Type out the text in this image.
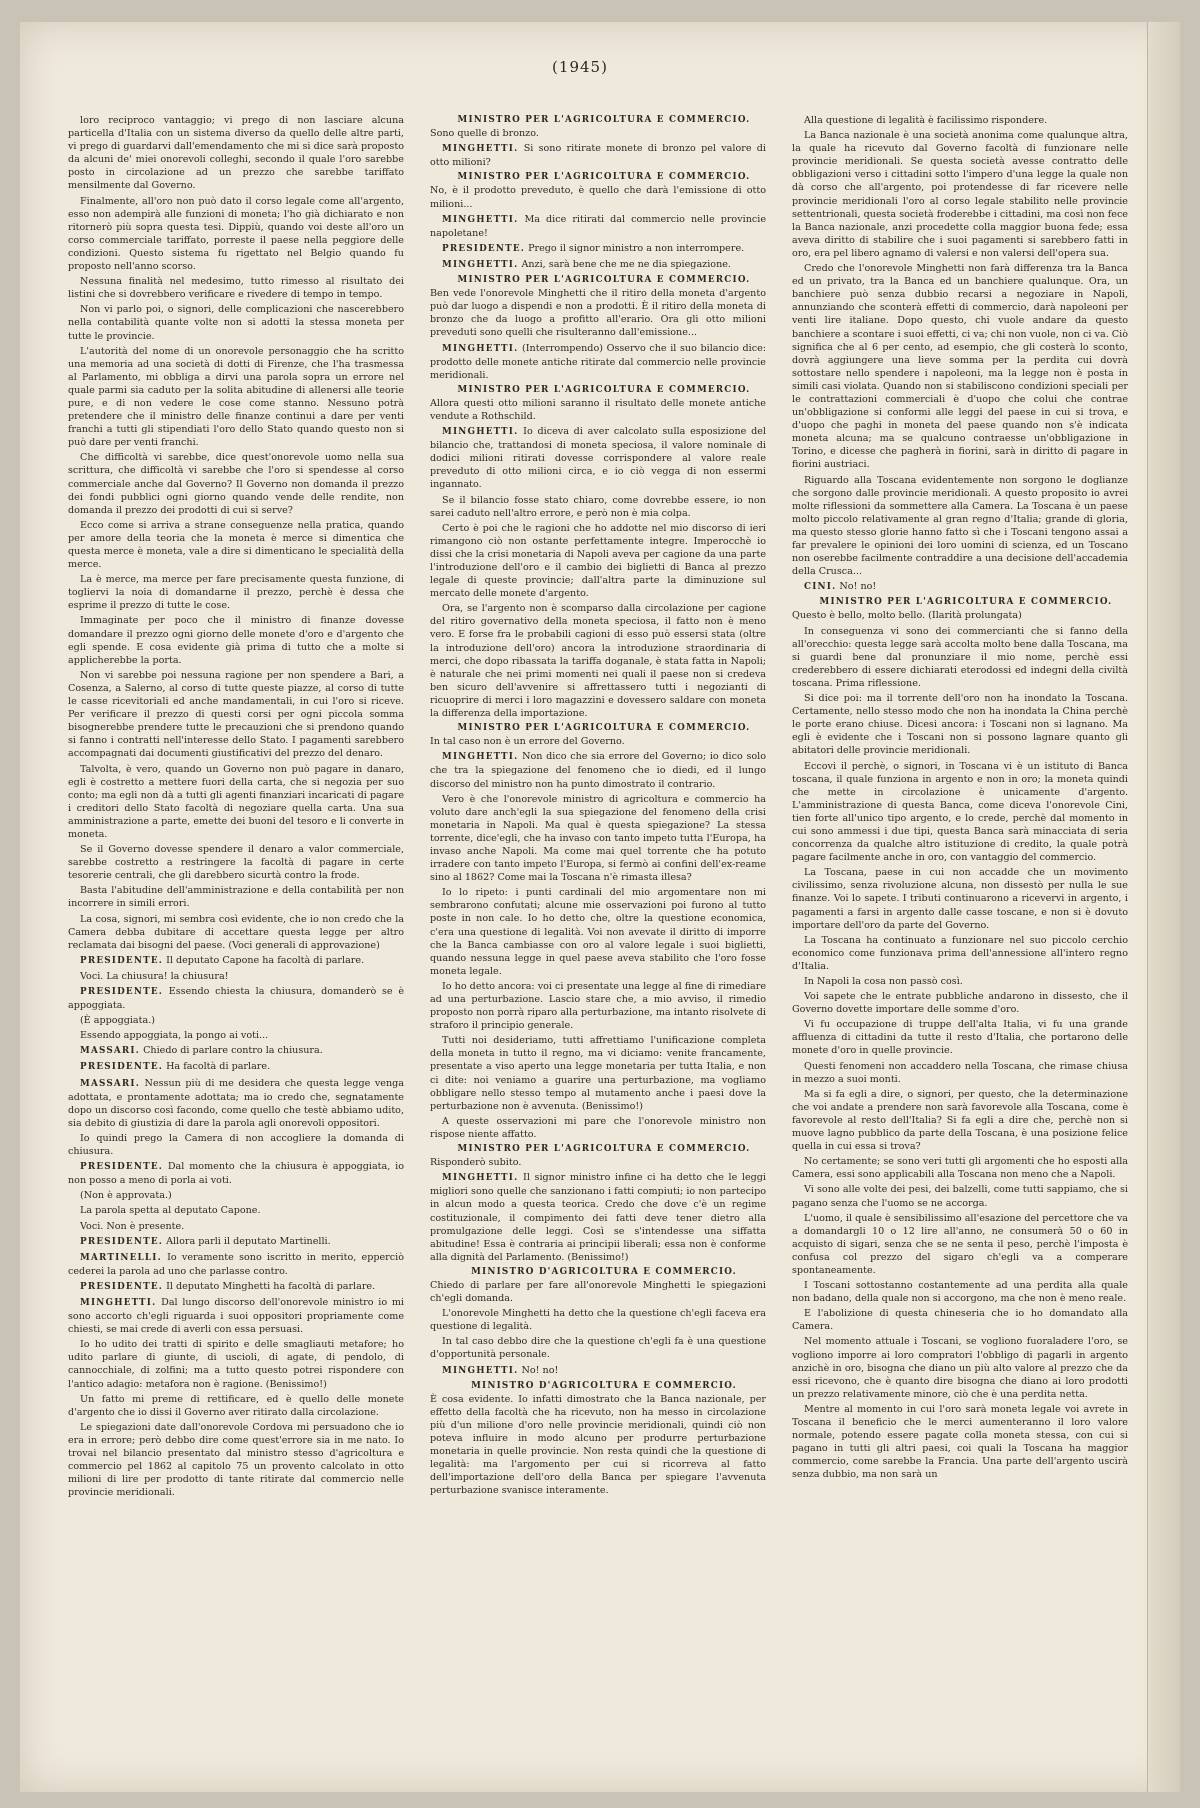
(1945)

loro reciproco vantaggio; vi prego di non lasciare alcuna particella d'Italia con un sistema diverso da quello delle altre parti, vi prego di guardarvi dall'emendamento che mi si dice sarà proposto da alcuni de' miei onorevoli colleghi, secondo il quale l'oro sarebbe posto in circolazione ad un prezzo che sarebbe tariffato mensilmente dal Governo.

Finalmente, all'oro non può dato il corso legale come all'argento, esso non adempirà alle funzioni di moneta; l'ho già dichiarato e non ritornerò più sopra questa tesi. Dippiù, quando voi deste all'oro un corso commerciale tariffato, porreste il paese nella peggiore delle condizioni. Questo sistema fu rigettato nel Belgio quando fu proposto nell'anno scorso.

Nessuna finalità nel medesimo, tutto rimesso al risultato dei listini che si dovrebbero verificare e rivedere di tempo in tempo.

Non vi parlo poi, o signori, delle complicazioni che nascerebbero nella contabilità quante volte non si adotti la stessa moneta per tutte le provincie.

L'autorità del nome di un onorevole personaggio che ha scritto una memoria ad una società di dotti di Firenze, che l'ha trasmessa al Parlamento, mi obbliga a dirvi una parola sopra un errore nel quale parmi sia caduto per la solita abitudine di allenersi alle teorie pure, e di non vedere le cose come stanno. Nessuno potrà pretendere che il ministro delle finanze continui a dare per venti franchi a tutti gli stipendiati l'oro dello Stato quando questo non si può dare per venti franchi.

Che difficoltà vi sarebbe, dice quest'onorevole uomo nella sua scrittura, che difficoltà vi sarebbe che l'oro si spendesse al corso commerciale anche dal Governo? Il Governo non domanda il prezzo dei fondi pubblici ogni giorno quando vende delle rendite, non domanda il prezzo dei prodotti di cui si serve?

Ecco come si arriva a strane conseguenze nella pratica, quando per amore della teoria che la moneta è merce si dimentica che questa merce è moneta, vale a dire si dimenticano le specialità della merce.

La è merce, ma merce per fare precisamente questa funzione, di togliervi la noia di domandarne il prezzo, perchè è dessa che esprime il prezzo di tutte le cose.

Immaginate per poco che il ministro di finanze dovesse domandare il prezzo ogni giorno delle monete d'oro e d'argento che egli spende. E cosa evidente già prima di tutto che a molte si applicherebbe la porta.

Non vi sarebbe poi nessuna ragione per non spendere a Bari, a Cosenza, a Salerno, al corso di tutte queste piazze, al corso di tutte le casse ricevitoriali ed anche mandamentali, in cui l'oro si riceve. Per verificare il prezzo di questi corsi per ogni piccola somma bisognerebbe prendere tutte le precauzioni che si prendono quando si fanno i contratti nell'interesse dello Stato. I pagamenti sarebbero accompagnati dai documenti giustificativi del prezzo del denaro.

Talvolta, è vero, quando un Governo non può pagare in danaro, egli è costretto a mettere fuori della carta, che si negozia per suo conto; ma egli non dà a tutti gli agenti finanziari incaricati di pagare i creditori dello Stato facoltà di negoziare quella carta. Una sua amministrazione a parte, emette dei buoni del tesoro e li converte in moneta.

Se il Governo dovesse spendere il denaro a valor commerciale, sarebbe costretto a restringere la facoltà di pagare in certe tesorerie centrali, che gli darebbero sicurtà contro la frode.

Basta l'abitudine dell'amministrazione e della contabilità per non incorrere in simili errori.

La cosa, signori, mi sembra così evidente, che io non credo che la Camera debba dubitare di accettare questa legge per altro reclamata dai bisogni del paese. (Voci generali di approvazione)

PRESIDENTE. Il deputato Capone ha facoltà di parlare.

Voci. La chiusura! la chiusura!

PRESIDENTE. Essendo chiesta la chiusura, domanderò se è appoggiata.

(È appoggiata.)

Essendo appoggiata, la pongo ai voti...

MASSARI. Chiedo di parlare contro la chiusura.

PRESIDENTE. Ha facoltà di parlare.

MASSARI. Nessun più di me desidera che questa legge venga adottata, e prontamente adottata; ma io credo che, segnatamente dopo un discorso così facondo, come quello che testè abbiamo udito, sia debito di giustizia di dare la parola agli onorevoli oppositori.

Io quindi prego la Camera di non accogliere la domanda di chiusura.

PRESIDENTE. Dal momento che la chiusura è appoggiata, io non posso a meno di porla ai voti.

(Non è approvata.)

La parola spetta al deputato Capone.

Voci. Non è presente.

PRESIDENTE. Allora parli il deputato Martinelli.

MARTINELLI. Io veramente sono iscritto in merito, epperciò cederei la parola ad uno che parlasse contro.

PRESIDENTE. Il deputato Minghetti ha facoltà di parlare.

MINGHETTI. Dal lungo discorso dell'onorevole ministro io mi sono accorto ch'egli riguarda i suoi oppositori propriamente come chiesti, se mai crede di averli con essa persuasi.

Io ho udito dei tratti di spirito e delle smagliauti metafore; ho udito parlare di giunte, di uscioli, di agate, di pendolo, di cannocchiale, di zolfini; ma a tutto questo potrei rispondere con l'antico adagio: metafora non è ragione. (Benissimo!)

Un fatto mi preme di rettificare, ed è quello delle monete d'argento che io dissi il Governo aver ritirato dalla circolazione.

Le spiegazioni date dall'onorevole Cordova mi persuadono che io era in errore; però debbo dire come quest'errore sia in me nato. Io trovai nel bilancio presentato dal ministro stesso d'agricoltura e commercio pel 1862 al capitolo 75 un provento calcolato in otto milioni di lire per prodotto di tante ritirate dal commercio nelle provincie meridionali.

MINISTRO PER L'AGRICOLTURA E COMMERCIO.
Sono quelle di bronzo.

MINGHETTI. Si sono ritirate monete di bronzo pel valore di otto milioni?

MINISTRO PER L'AGRICOLTURA E COMMERCIO.
No, è il prodotto preveduto, è quello che darà l'emissione di otto milioni...

MINGHETTI. Ma dice ritirati dal commercio nelle provincie napoletane!

PRESIDENTE. Prego il signor ministro a non interrompere.

MINGHETTI. Anzi, sarà bene che me ne dia spiegazione.

MINISTRO PER L'AGRICOLTURA E COMMERCIO.
Ben vede l'onorevole Minghetti che il ritiro della moneta d'argento può dar luogo a dispendi e non a prodotti. È il ritiro della moneta di bronzo che da luogo a profitto all'erario. Ora gli otto milioni preveduti sono quelli che risulteranno dall'emissione...

MINGHETTI. (Interrompendo) Osservo che il suo bilancio dice: prodotto delle monete antiche ritirate dal commercio nelle provincie meridionali.

MINISTRO PER L'AGRICOLTURA E COMMERCIO.
Allora questi otto milioni saranno il risultato delle monete antiche vendute a Rothschild.

MINGHETTI. Io diceva di aver calcolato sulla esposizione del bilancio che, trattandosi di moneta speciosa, il valore nominale di dodici milioni ritirati dovesse corrispondere al valore reale preveduto di otto milioni circa, e io ciò vegga di non essermi ingannato.

Se il bilancio fosse stato chiaro, come dovrebbe essere, io non sarei caduto nell'altro errore, e però non è mia colpa.

Certo è poi che le ragioni che ho addotte nel mio discorso di ieri rimangono ciò non ostante perfettamente integre. Imperocchè io dissi che la crisi monetaria di Napoli aveva per cagione da una parte l'introduzione dell'oro e il cambio dei biglietti di Banca al prezzo legale di queste provincie; dall'altra parte la diminuzione sul mercato delle monete d'argento.

Ora, se l'argento non è scomparso dalla circolazione per cagione del ritiro governativo della moneta speciosa, il fatto non è meno vero. E forse fra le probabili cagioni di esso può essersi stata (oltre la introduzione dell'oro) ancora la introduzione straordinaria di merci, che dopo ribassata la tariffa doganale, è stata fatta in Napoli; è naturale che nei primi momenti nei quali il paese non si credeva ben sicuro dell'avvenire si affrettassero tutti i negozianti di ricuoprire di merci i loro magazzini e dovessero saldare con moneta la differenza della importazione.

MINISTRO PER L'AGRICOLTURA E COMMERCIO.
In tal caso non è un errore del Governo.

MINGHETTI. Non dico che sia errore del Governo; io dico solo che tra la spiegazione del fenomeno che io diedi, ed il lungo discorso del ministro non ha punto dimostrato il contrario.

Vero è che l'onorevole ministro di agricoltura e commercio ha voluto dare anch'egli la sua spiegazione del fenomeno della crisi monetaria in Napoli. Ma qual è questa spiegazione? La stessa torrente, dice'egli, che ha invaso con tanto impeto tutta l'Europa, ha invaso anche Napoli. Ma come mai quel torrente che ha potuto irradere con tanto impeto l'Europa, si fermò ai confini dell'ex-reame sino al 1862? Come mai la Toscana n'è rimasta illesa?

Io lo ripeto: i punti cardinali del mio argomentare non mi sembrarono confutati; alcune mie osservazioni poi furono al tutto poste in non cale. Io ho detto che, oltre la questione economica, c'era una questione di legalità. Voi non avevate il diritto di imporre che la Banca cambiasse con oro al valore legale i suoi biglietti, quando nessuna legge in quel paese aveva stabilito che l'oro fosse moneta legale.

Io ho detto ancora: voi ci presentate una legge al fine di rimediare ad una perturbazione. Lascio stare che, a mio avviso, il rimedio proposto non porrà riparo alla perturbazione, ma intanto risolvete di straforo il principio generale.

Tutti noi desideriamo, tutti affrettiamo l'unificazione completa della moneta in tutto il regno, ma vi diciamo: venite francamente, presentate a viso aperto una legge monetaria per tutta Italia, e non ci dite: noi veniamo a guarire una perturbazione, ma vogliamo obbligare nello stesso tempo al mutamento anche i paesi dove la perturbazione non è avvenuta. (Benissimo!)

A queste osservazioni mi pare che l'onorevole ministro non rispose niente affatto.

MINISTRO PER L'AGRICOLTURA E COMMERCIO.
Risponderò subito.

MINGHETTI. Il signor ministro infine ci ha detto che le leggi migliori sono quelle che sanzionano i fatti compiuti; io non partecipo in alcun modo a questa teorica. Credo che dove c'è un regime costituzionale, il compimento dei fatti deve tener dietro alla promulgazione delle leggi. Così se s'intendesse una siffatta abitudine! Essa è contraria ai principii liberali; essa non è conforme alla dignità del Parlamento. (Benissimo!)

MINISTRO D'AGRICOLTURA E COMMERCIO.
Chiedo di parlare per fare all'onorevole Minghetti le spiegazioni ch'egli domanda.

L'onorevole Minghetti ha detto che la questione ch'egli faceva era questione di legalità.

In tal caso debbo dire che la questione ch'egli fa è una questione d'opportunità personale.

MINGHETTI. No! no!

MINISTRO D'AGRICOLTURA E COMMERCIO.
È cosa evidente. Io infatti dimostrato che la Banca nazionale, per effetto della facoltà che ha ricevuto, non ha messo in circolazione più d'un milione d'oro nelle provincie meridionali, quindi ciò non poteva influire in modo alcuno per produrre perturbazione monetaria in quelle provincie. Non resta quindi che la questione di legalità: ma l'argomento per cui si ricorreva al fatto dell'importazione dell'oro della Banca per spiegare l'avvenuta perturbazione svanisce interamente.

Alla questione di legalità è facilissimo rispondere.

La Banca nazionale è una società anonima come qualunque altra, la quale ha ricevuto dal Governo facoltà di funzionare nelle provincie meridionali. Se questa società avesse contratto delle obbligazioni verso i cittadini sotto l'impero d'una legge la quale non dà corso che all'argento, poi protendesse di far ricevere nelle provincie meridionali l'oro al corso legale stabilito nelle provincie settentrionali, questa società froderebbe i cittadini, ma così non fece la Banca nazionale, anzi procedette colla maggior buona fede; essa aveva diritto di stabilire che i suoi pagamenti si sarebbero fatti in oro, era pel libero agnamo di valersi e non valersi dell'opera sua.

Credo che l'onorevole Minghetti non farà differenza tra la Banca ed un privato, tra la Banca ed un banchiere qualunque. Ora, un banchiere può senza dubbio recarsi a negoziare in Napoli, annunziando che sconterà effetti di commercio, darà napoleoni per venti lire italiane. Dopo questo, chi vuole andare da questo banchiere a scontare i suoi effetti, ci va; chi non vuole, non ci va. Ciò significa che al 6 per cento, ad esempio, che gli costerà lo sconto, dovrà aggiungere una lieve somma per la perdita cui dovrà sottostare nello spendere i napoleoni, ma la legge non è posta in simili casi violata. Quando non si stabiliscono condizioni speciali per le contrattazioni commerciali è d'uopo che colui che contrae un'obbligazione si conformi alle leggi del paese in cui si trova, e d'uopo che paghi in moneta del paese quando non s'è indicata moneta alcuna; ma se qualcuno contraesse un'obbligazione in Torino, e dicesse che pagherà in fiorini, sarà in diritto di pagare in fiorini austriaci.

Riguardo alla Toscana evidentemente non sorgono le doglianze che sorgono dalle provincie meridionali. A questo proposito io avrei molte riflessioni da sommettere alla Camera. La Toscana è un paese molto piccolo relativamente al gran regno d'Italia; grande di gloria, ma questo stesso glorie hanno fatto sì che i Toscani tengono assai a far prevalere le opinioni dei loro uomini di scienza, ed un Toscano non oserebbe facilmente contraddire a una decisione dell'accademia della Crusca...

CINI. No! no!

MINISTRO PER L'AGRICOLTURA E COMMERCIO.
Questo è bello, molto bello. (Ilarità prolungata)

In conseguenza vi sono dei commercianti che si fanno della all'orecchio: questa legge sarà accolta molto bene dalla Toscana, ma si guardi bene dal pronunziare il mio nome, perchè essi crederebbero di essere dichiarati eterodossi ed indegni della civiltà toscana. Prima riflessione.

Si dice poi: ma il torrente dell'oro non ha inondato la Toscana. Certamente, nello stesso modo che non ha inondata la China perchè le porte erano chiuse. Dicesi ancora: i Toscani non si lagnano. Ma egli è evidente che i Toscani non si possono lagnare quanto gli abitatori delle provincie meridionali.

Eccovi il perchè, o signori, in Toscana vi è un istituto di Banca toscana, il quale funziona in argento e non in oro; la moneta quindi che mette in circolazione è unicamente d'argento. L'amministrazione di questa Banca, come diceva l'onorevole Cini, tien forte all'unico tipo argento, e lo crede, perchè dal momento in cui sono ammessi i due tipi, questa Banca sarà minacciata di seria concorrenza da qualche altro istituzione di credito, la quale potrà pagare facilmente anche in oro, con vantaggio del commercio.

La Toscana, paese in cui non accadde che un movimento civilissimo, senza rivoluzione alcuna, non dissestò per nulla le sue finanze. Voi lo sapete. I tributi continuarono a ricevervi in argento, i pagamenti a farsi in argento dalle casse toscane, e non si è dovuto importare dell'oro da parte del Governo.

La Toscana ha continuato a funzionare nel suo piccolo cerchio economico come funzionava prima dell'annessione all'intero regno d'Italia.

In Napoli la cosa non passò così.

Voi sapete che le entrate pubbliche andarono in dissesto, che il Governo dovette importare delle somme d'oro.

Vi fu occupazione di truppe dell'alta Italia, vi fu una grande affluenza di cittadini da tutte il resto d'Italia, che portarono delle monete d'oro in quelle provincie.

Questi fenomeni non accaddero nella Toscana, che rimase chiusa in mezzo a suoi monti.

Ma si fa egli a dire, o signori, per questo, che la determinazione che voi andate a prendere non sarà favorevole alla Toscana, come è favorevole al resto dell'Italia? Si fa egli a dire che, perchè non si muove lagno pubblico da parte della Toscana, è una posizione felice quella in cui essa si trova?

No certamente; se sono veri tutti gli argomenti che ho esposti alla Camera, essi sono applicabili alla Toscana non meno che a Napoli.

Vi sono alle volte dei pesi, dei balzelli, come tutti sappiamo, che si pagano senza che l'uomo se ne accorga.

L'uomo, il quale è sensibilissimo all'esazione del percettore che va a domandargli 10 o 12 lire all'anno, ne consumerà 50 o 60 in acquisto di sigari, senza che se ne senta il peso, perchè l'imposta è confusa col prezzo del sigaro ch'egli va a comperare spontaneamente.

I Toscani sottostanno costantemente ad una perdita alla quale non badano, della quale non si accorgono, ma che non è meno reale.

E l'abolizione di questa chineseria che io ho domandato alla Camera.

Nel momento attuale i Toscani, se vogliono fuoraladere l'oro, se vogliono imporre ai loro compratori l'obbligo di pagarli in argento anzichè in oro, bisogna che diano un più alto valore al prezzo che da essi ricevono, che è quanto dire bisogna che diano ai loro prodotti un prezzo relativamente minore, ciò che è una perdita netta.

Mentre al momento in cui l'oro sarà moneta legale voi avrete in Toscana il beneficio che le merci aumenteranno il loro valore normale, potendo essere pagate colla moneta stessa, con cui si pagano in tutti gli altri paesi, coi quali la Toscana ha maggior commercio, come sarebbe la Francia. Una parte dell'argento uscirà senza dubbio, ma non sarà un
